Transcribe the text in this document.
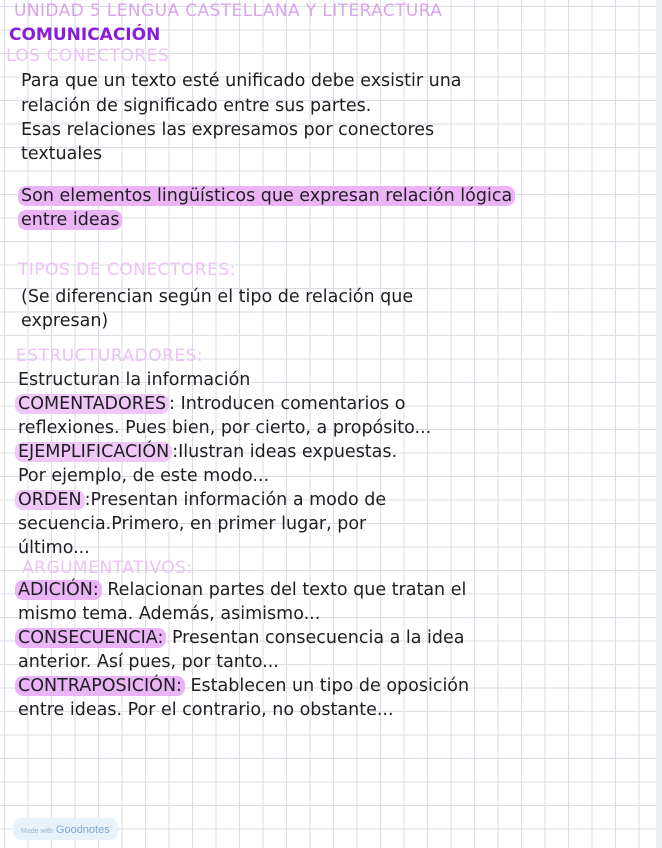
UNIDAD 5 LENGUA CASTELLANA Y LITERACTURA
COMUNICACIÓN
LOS CONECTORES
Para que un texto esté unificado debe exsistir una
relación de significado entre sus partes.
Esas relaciones las expresamos por conectores
textuales
Son elementos lingüísticos que expresan relación lógica
entre ideas
TIPOS DE CONECTORES:
(Se diferencian según el tipo de relación que
expresan)
ESTRUCTURADORES:
Estructuran la información
COMENTADORES : Introducen comentarios o
reflexiones. Pues bien, por cierto, a propósito...
EJEMPLIFICACIÓN :Ilustran ideas expuestas.
Por ejemplo, de este modo...
ORDEN :Presentan información a modo de
secuencia.Primero, en primer lugar, por
último...
ARGUMENTATIVOS:
ADICIÓN: Relacionan partes del texto que tratan el
mismo tema. Además, asimismo...
CONSECUENCIA: Presentan consecuencia a la idea
anterior. Así pues, por tanto...
CONTRAPOSICIÓN: Establecen un tipo de oposición
entre ideas. Por el contrario, no obstante...
Made with Goodnotes
